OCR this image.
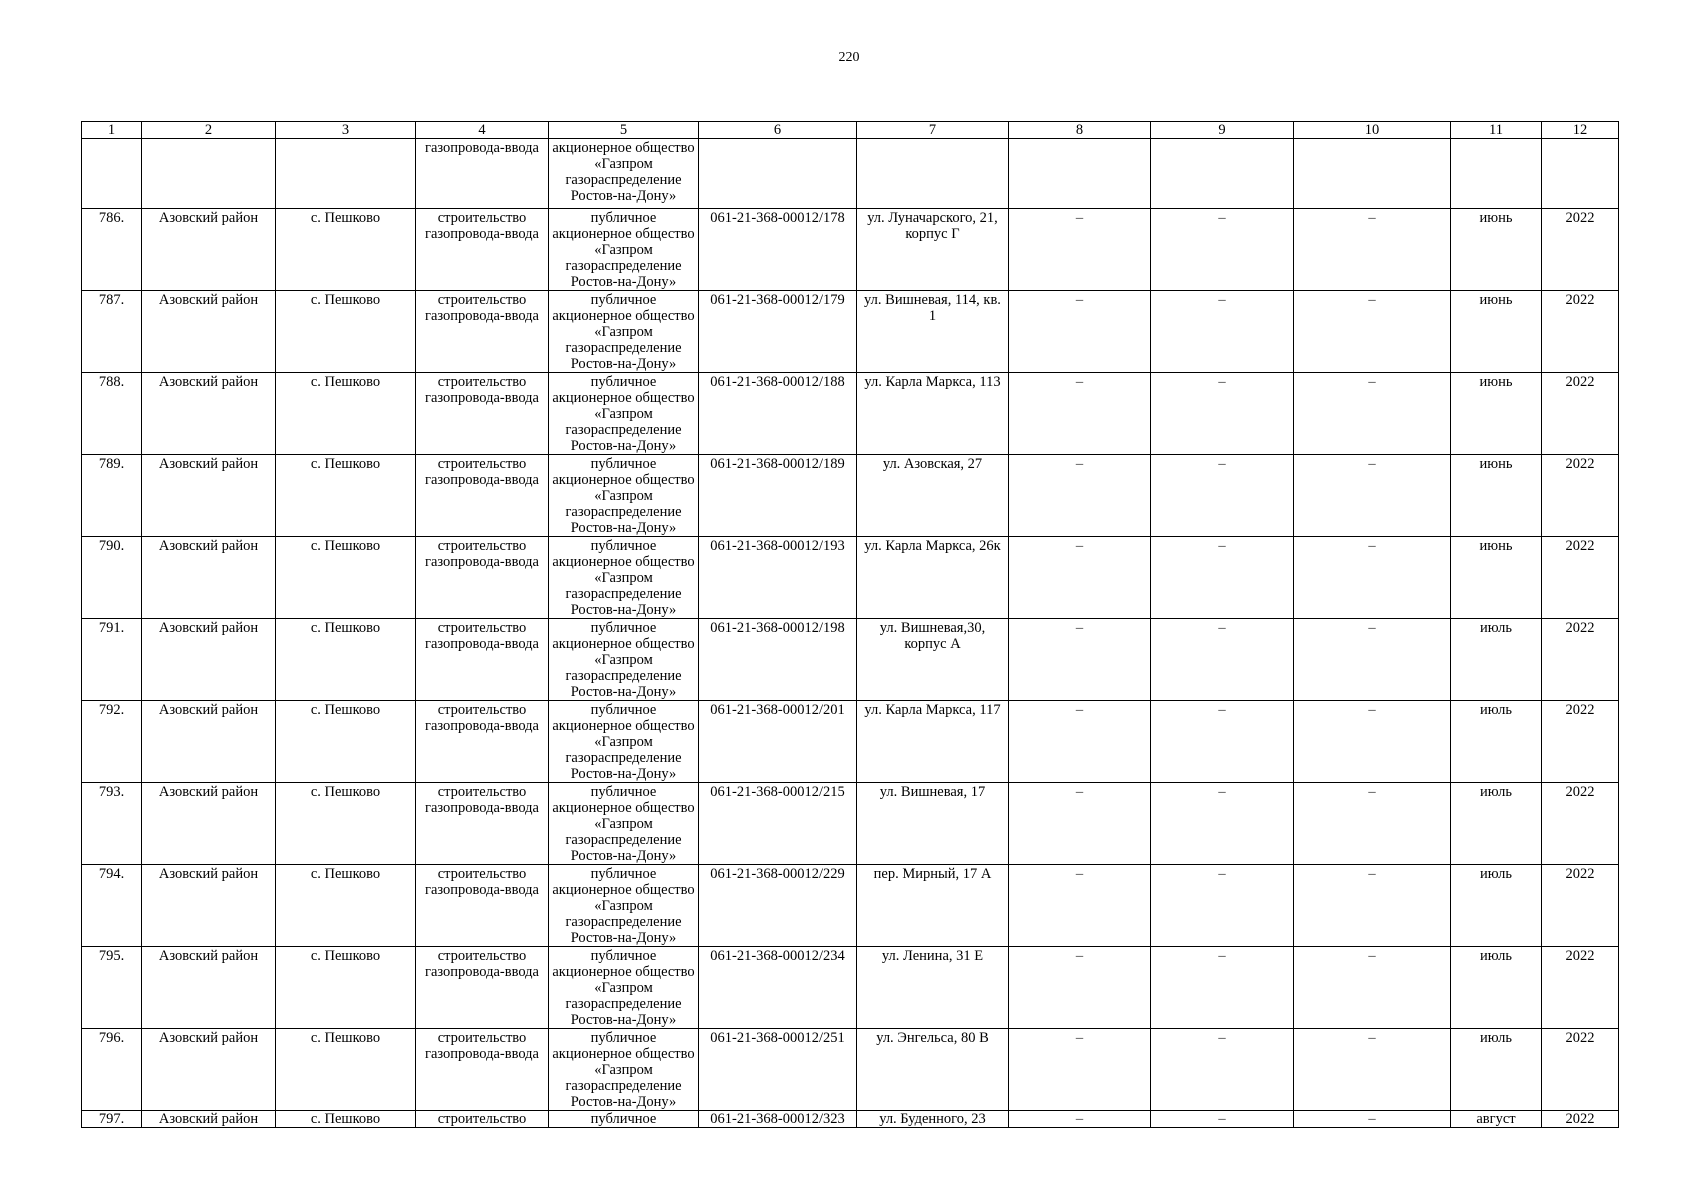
220
1	2	3	4	5	6	7	8	9	10	11	12
			газопровода-ввода	акционерное общество «Газпром газораспределение Ростов-на-Дону»							
786.	Азовский район	с. Пешково	строительство газопровода-ввода	публичное акционерное общество «Газпром газораспределение Ростов-на-Дону»	061-21-368-00012/178	ул. Луначарского, 21, корпус Г	–	–	–	июнь	2022
787.	Азовский район	с. Пешково	строительство газопровода-ввода	публичное акционерное общество «Газпром газораспределение Ростов-на-Дону»	061-21-368-00012/179	ул. Вишневая, 114, кв. 1	–	–	–	июнь	2022
788.	Азовский район	с. Пешково	строительство газопровода-ввода	публичное акционерное общество «Газпром газораспределение Ростов-на-Дону»	061-21-368-00012/188	ул. Карла Маркса, 113	–	–	–	июнь	2022
789.	Азовский район	с. Пешково	строительство газопровода-ввода	публичное акционерное общество «Газпром газораспределение Ростов-на-Дону»	061-21-368-00012/189	ул. Азовская, 27	–	–	–	июнь	2022
790.	Азовский район	с. Пешково	строительство газопровода-ввода	публичное акционерное общество «Газпром газораспределение Ростов-на-Дону»	061-21-368-00012/193	ул. Карла Маркса, 26к	–	–	–	июнь	2022
791.	Азовский район	с. Пешково	строительство газопровода-ввода	публичное акционерное общество «Газпром газораспределение Ростов-на-Дону»	061-21-368-00012/198	ул. Вишневая,30, корпус А	–	–	–	июль	2022
792.	Азовский район	с. Пешково	строительство газопровода-ввода	публичное акционерное общество «Газпром газораспределение Ростов-на-Дону»	061-21-368-00012/201	ул. Карла Маркса, 117	–	–	–	июль	2022
793.	Азовский район	с. Пешково	строительство газопровода-ввода	публичное акционерное общество «Газпром газораспределение Ростов-на-Дону»	061-21-368-00012/215	ул. Вишневая, 17	–	–	–	июль	2022
794.	Азовский район	с. Пешково	строительство газопровода-ввода	публичное акционерное общество «Газпром газораспределение Ростов-на-Дону»	061-21-368-00012/229	пер. Мирный, 17 А	–	–	–	июль	2022
795.	Азовский район	с. Пешково	строительство газопровода-ввода	публичное акционерное общество «Газпром газораспределение Ростов-на-Дону»	061-21-368-00012/234	ул. Ленина, 31 Е	–	–	–	июль	2022
796.	Азовский район	с. Пешково	строительство газопровода-ввода	публичное акционерное общество «Газпром газораспределение Ростов-на-Дону»	061-21-368-00012/251	ул. Энгельса, 80 В	–	–	–	июль	2022
797.	Азовский район	с. Пешково	строительство	публичное	061-21-368-00012/323	ул. Буденного, 23	–	–	–	август	2022
